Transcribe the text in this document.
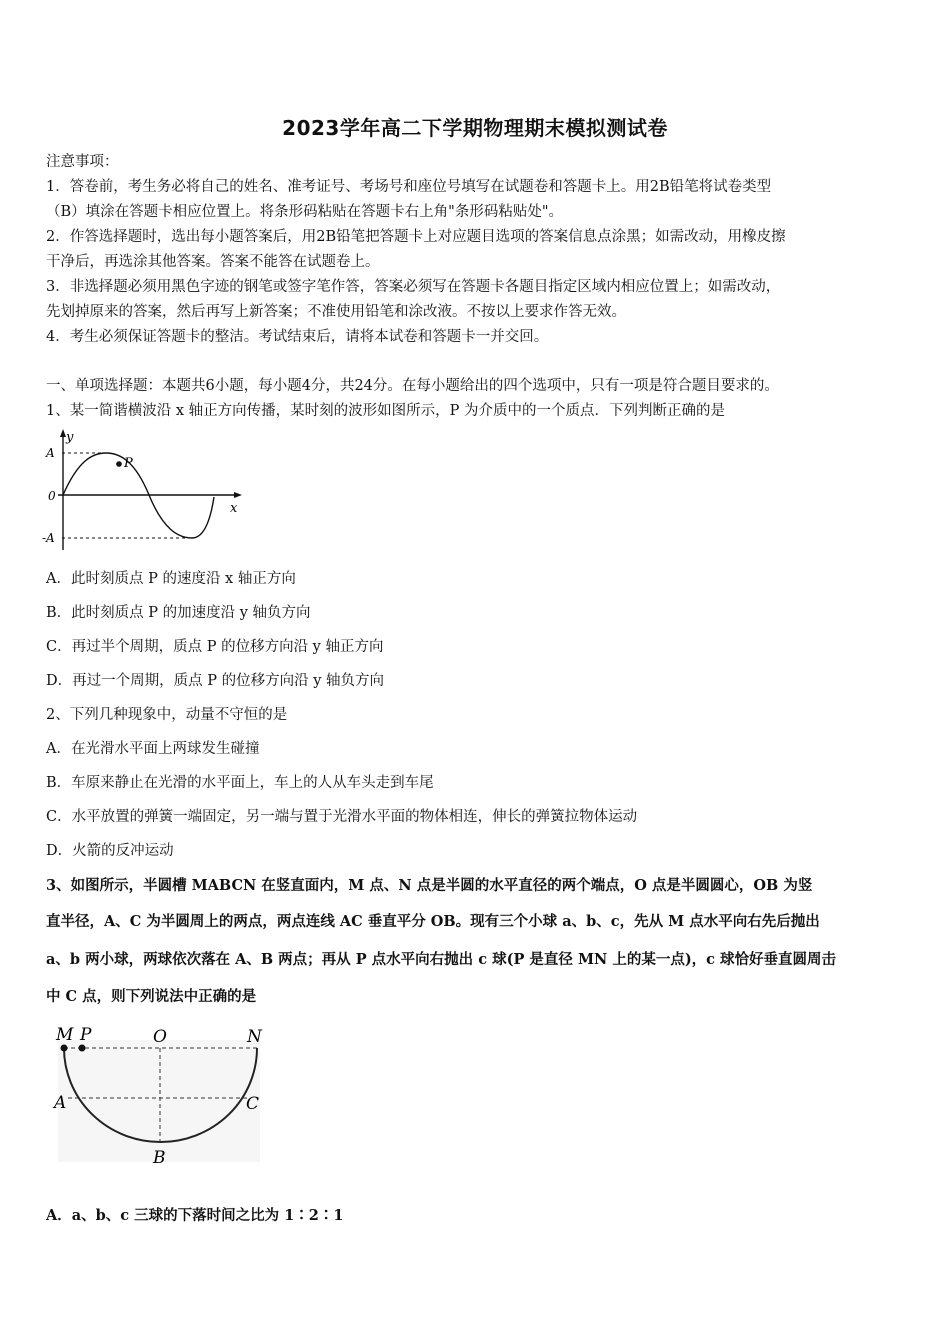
2023学年高二下学期物理期末模拟测试卷
注意事项：
1．答卷前，考生务必将自己的姓名、准考证号、考场号和座位号填写在试题卷和答题卡上。用2B铅笔将试卷类型
（B）填涂在答题卡相应位置上。将条形码粘贴在答题卡右上角"条形码粘贴处"。
2．作答选择题时，选出每小题答案后，用2B铅笔把答题卡上对应题目选项的答案信息点涂黑；如需改动，用橡皮擦
干净后，再选涂其他答案。答案不能答在试题卷上。
3．非选择题必须用黑色字迹的钢笔或签字笔作答，答案必须写在答题卡各题目指定区域内相应位置上；如需改动，
先划掉原来的答案，然后再写上新答案；不准使用铅笔和涂改液。不按以上要求作答无效。
4．考生必须保证答题卡的整洁。考试结束后，请将本试卷和答题卡一并交回。
一、单项选择题：本题共6小题，每小题4分，共24分。在每小题给出的四个选项中，只有一项是符合题目要求的。
1、某一简谐横波沿 x 轴正方向传播，某时刻的波形如图所示，P 为介质中的一个质点．下列判断正确的是
y
x
A
0
-A
P
A．此时刻质点 P 的速度沿 x 轴正方向
B．此时刻质点 P 的加速度沿 y 轴负方向
C．再过半个周期，质点 P 的位移方向沿 y 轴正方向
D．再过一个周期，质点 P 的位移方向沿 y 轴负方向
2、下列几种现象中，动量不守恒的是
A．在光滑水平面上两球发生碰撞
B．车原来静止在光滑的水平面上，车上的人从车头走到车尾
C．水平放置的弹簧一端固定，另一端与置于光滑水平面的物体相连，伸长的弹簧拉物体运动
D．火箭的反冲运动
3、如图所示，半圆槽 MABCN 在竖直面内，M 点、N 点是半圆的水平直径的两个端点，O 点是半圆圆心，OB 为竖
直半径，A、C 为半圆周上的两点，两点连线 AC 垂直平分 OB。现有三个小球 a、b、c，先从 M 点水平向右先后抛出
a、b 两小球，两球依次落在 A、B 两点；再从 P 点水平向右抛出 c 球(P 是直径 MN 上的某一点)，c 球恰好垂直圆周击
中 C 点，则下列说法中正确的是
M P	O	N
A	C
B
A．a、b、c 三球的下落时间之比为 1∶2∶1
